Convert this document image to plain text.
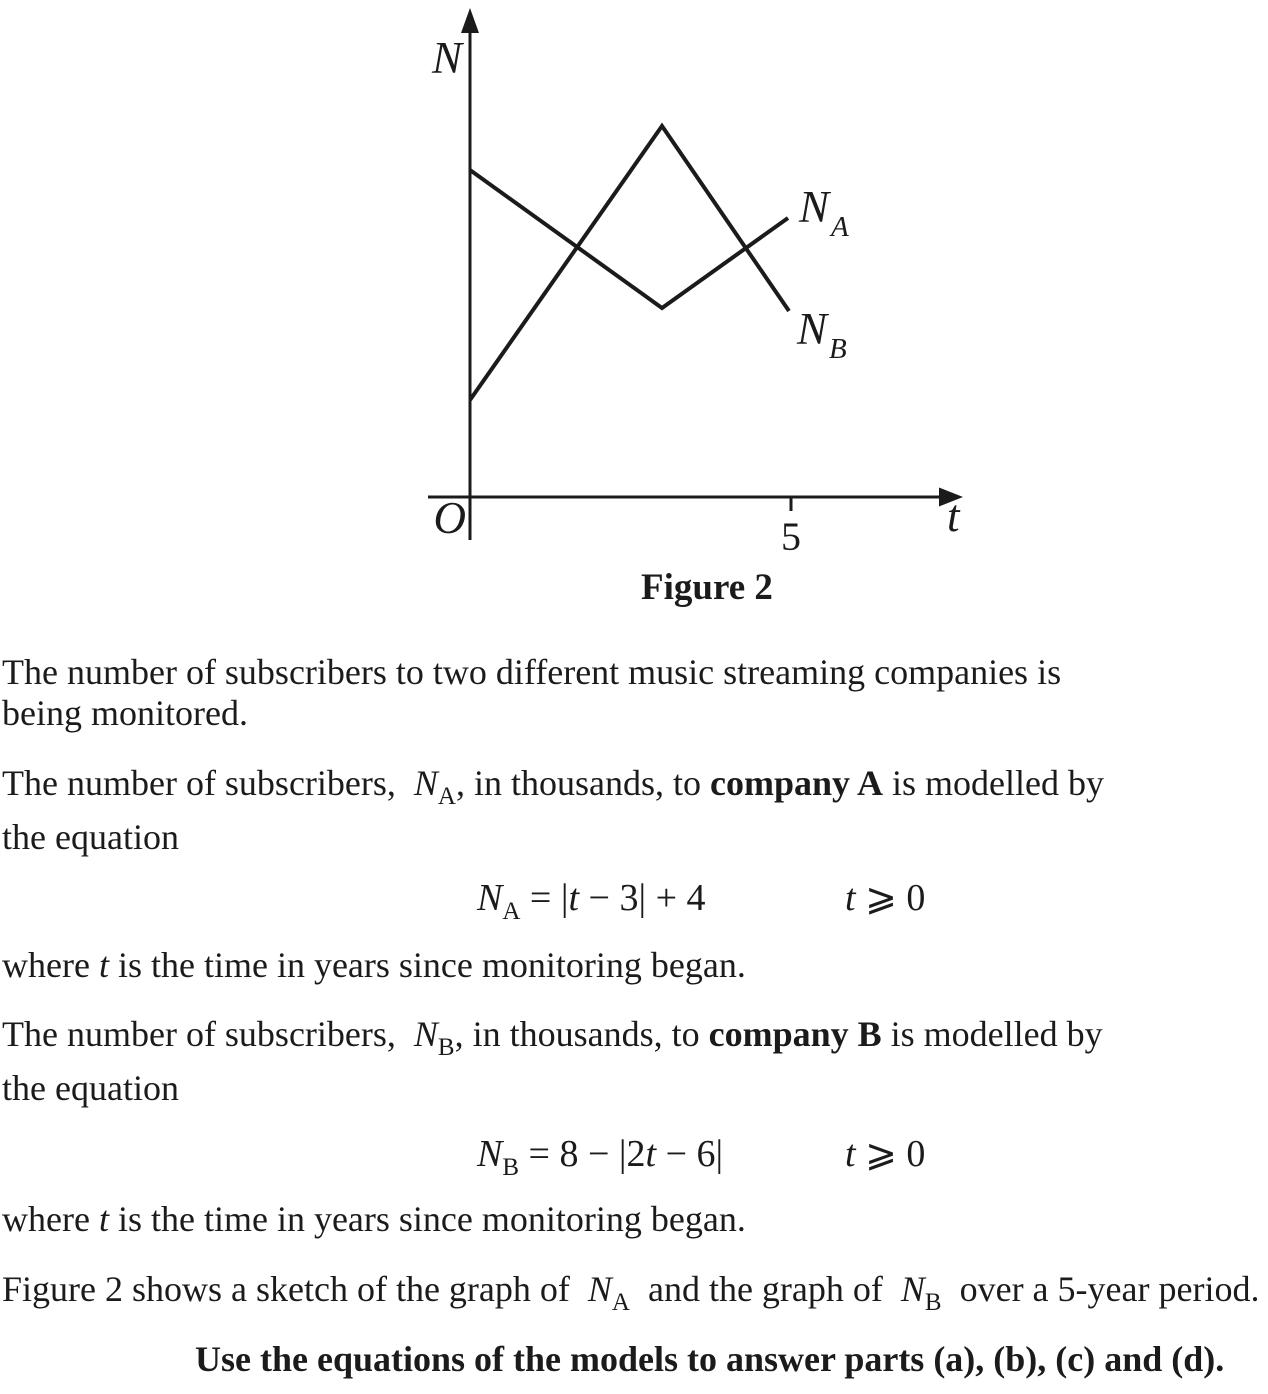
N
O	t
5
$N_A$
$N_B$
Figure 2
The number of subscribers to two different music streaming companies is
being monitored.
The number of subscribers,  $N_A$, in thousands, to company A is modelled by
the equation
$N_A = |t - 3| + 4$	t ⩾ 0
where t is the time in years since monitoring began.
The number of subscribers,  $N_B$, in thousands, to company B is modelled by
the equation
$N_B = 8 - |2t - 6|$	t ⩾ 0
where t is the time in years since monitoring began.
Figure 2 shows a sketch of the graph of  $N_A$  and the graph of  $N_B$  over a 5-year period.
Use the equations of the models to answer parts (a), (b), (c) and (d).
